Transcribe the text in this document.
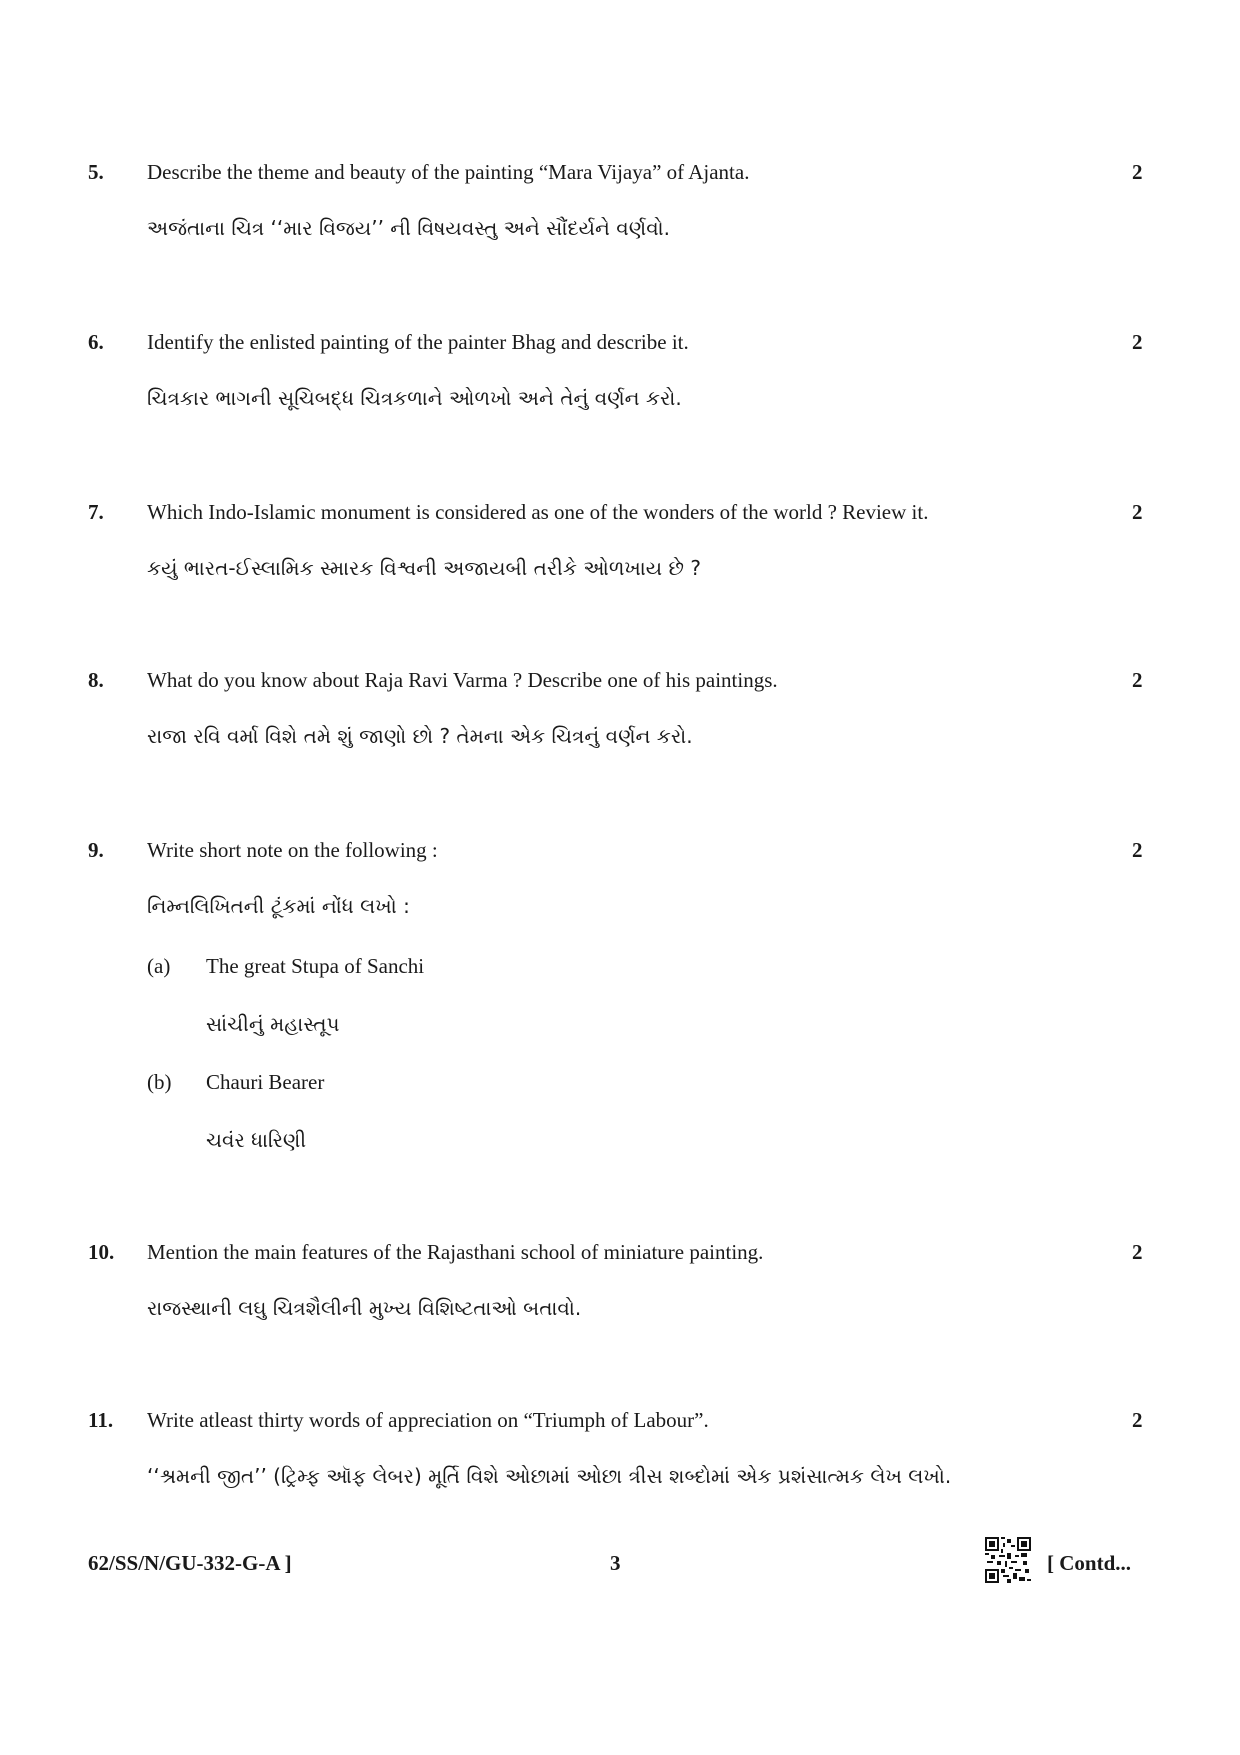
5. Describe the theme and beauty of the painting “Mara Vijaya” of Ajanta.	2
અજંતાના ચિત્ર ‘‘માર વિજય’’ ની વિષયવસ્તુ અને સૌંદર્યને વર્ણવો.
6. Identify the enlisted painting of the painter Bhag and describe it.	2
ચિત્રકાર ભાગની સૂચિબદ્ધ ચિત્રકળાને ઓળખો અને તેનું વર્ણન કરો.
7. Which Indo-Islamic monument is considered as one of the wonders of the world ? Review it.	2
કયું ભારત-ઈસ્લામિક સ્મારક વિશ્વની અજાયબી તરીકે ઓળખાય છે ?
8. What do you know about Raja Ravi Varma ? Describe one of his paintings.	2
રાજા રવિ વર્મા વિશે તમે શું જાણો છો ? તેમના એક ચિત્રનું વર્ણન કરો.
9. Write short note on the following :	2
નિમ્નલિખિતની ટૂંકમાં નોંધ લખો :
(a) The great Stupa of Sanchi
સાંચીનું મહાસ્તૂપ
(b) Chauri Bearer
ચવંર ધારિણી
10. Mention the main features of the Rajasthani school of miniature painting.	2
રાજસ્થાની લઘુ ચિત્રશૈલીની મુખ્ય વિશિષ્ટતાઓ બતાવો.
11. Write atleast thirty words of appreciation on “Triumph of Labour”.	2
‘‘શ્રમની જીત’’ (ટ્રિમ્ફ ઑફ લેબર) મૂર્તિ વિશે ઓછામાં ઓછા ત્રીસ શબ્દોમાં એક પ્રશંસાત્મક લેખ લખો.
62/SS/N/GU-332-G-A ]	3	[ Contd...
